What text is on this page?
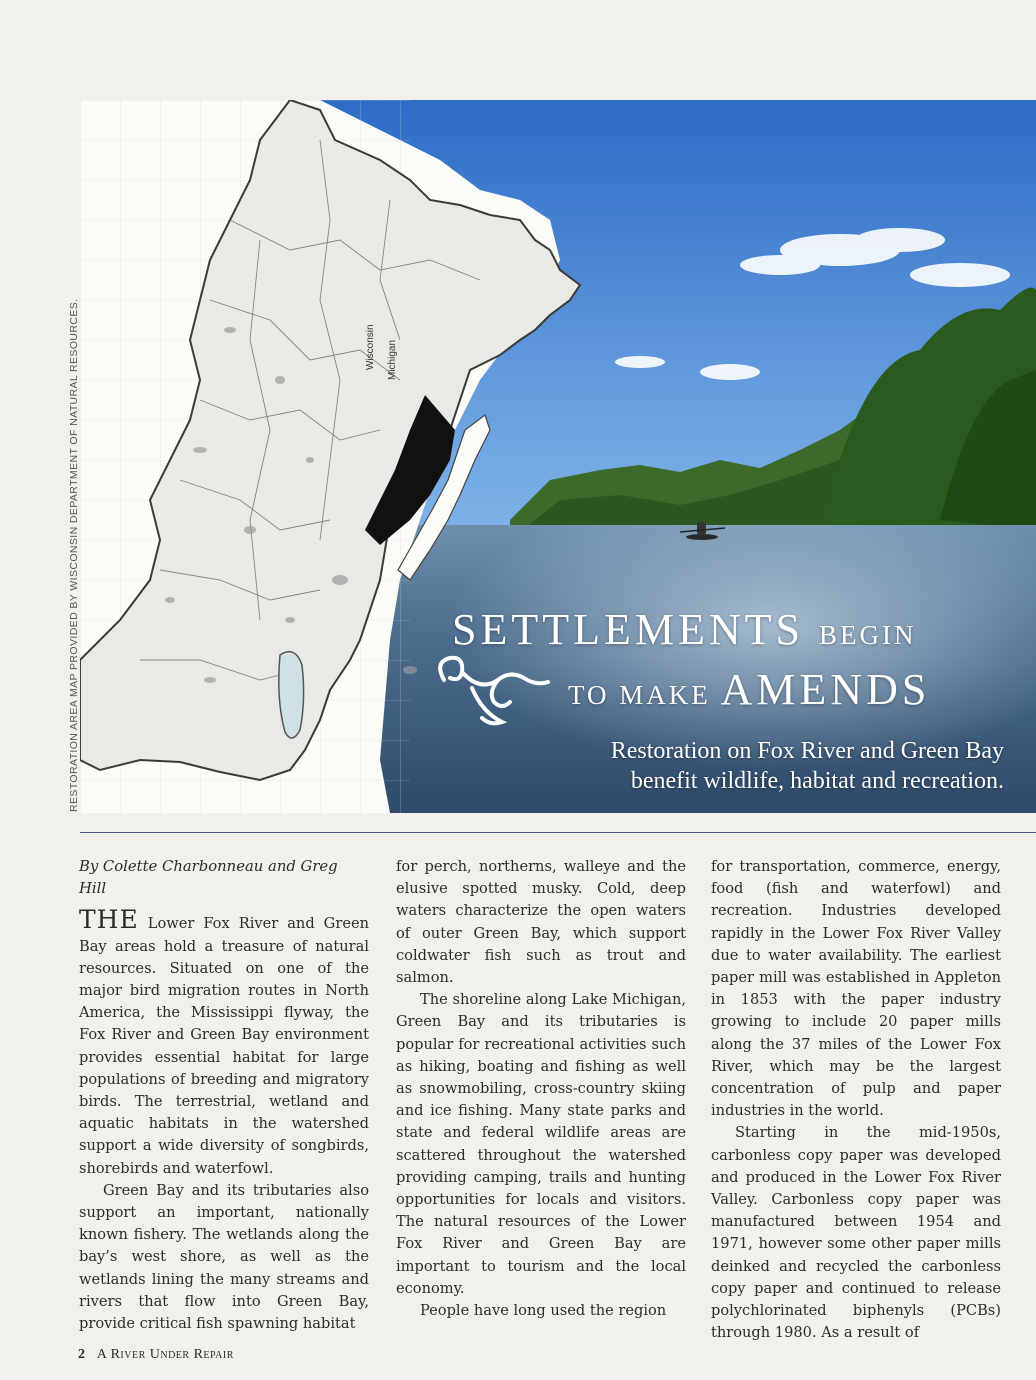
Wisconsin Michigan
RESTORATION AREA MAP PROVIDED BY WISCONSIN DEPARTMENT OF NATURAL RESOURCES.	SETTLEMENTS BEGIN
TO MAKE AMENDS
Restoration on Fox River and Green Bay
benefit wildlife, habitat and recreation.

By Colette Charbonneau and Greg Hill

THE Lower Fox River and Green Bay areas hold a treasure of natural resources. Situated on one of the major bird migration routes in North America, the Mississippi flyway, the Fox River and Green Bay environment provides essential habitat for large populations of breeding and migratory birds. The terrestrial, wetland and aquatic habitats in the watershed support a wide diversity of songbirds, shorebirds and waterfowl.

Green Bay and its tributaries also support an important, nationally known fishery. The wetlands along the bay’s west shore, as well as the wetlands lining the many streams and rivers that flow into Green Bay, provide critical fish spawning habitat

for perch, northerns, walleye and the elusive spotted musky. Cold, deep waters characterize the open waters of outer Green Bay, which support coldwater fish such as trout and salmon.

The shoreline along Lake Michigan, Green Bay and its tributaries is popular for recreational activities such as hiking, boating and fishing as well as snowmobiling, cross-country skiing and ice fishing. Many state parks and state and federal wildlife areas are scattered throughout the watershed providing camping, trails and hunting opportunities for locals and visitors. The natural resources of the Lower Fox River and Green Bay are important to tourism and the local economy.

People have long used the region

for transportation, commerce, energy, food (fish and waterfowl) and recreation. Industries developed rapidly in the Lower Fox River Valley due to water availability. The earliest paper mill was established in Appleton in 1853 with the paper industry growing to include 20 paper mills along the 37 miles of the Lower Fox River, which may be the largest concentration of pulp and paper industries in the world.

Starting in the mid-1950s, carbonless copy paper was developed and produced in the Lower Fox River Valley. Carbonless copy paper was manufactured between 1954 and 1971, however some other paper mills deinked and recycled the carbonless copy paper and continued to release polychlorinated biphenyls (PCBs) through 1980. As a result of

2 A River Under Repair
